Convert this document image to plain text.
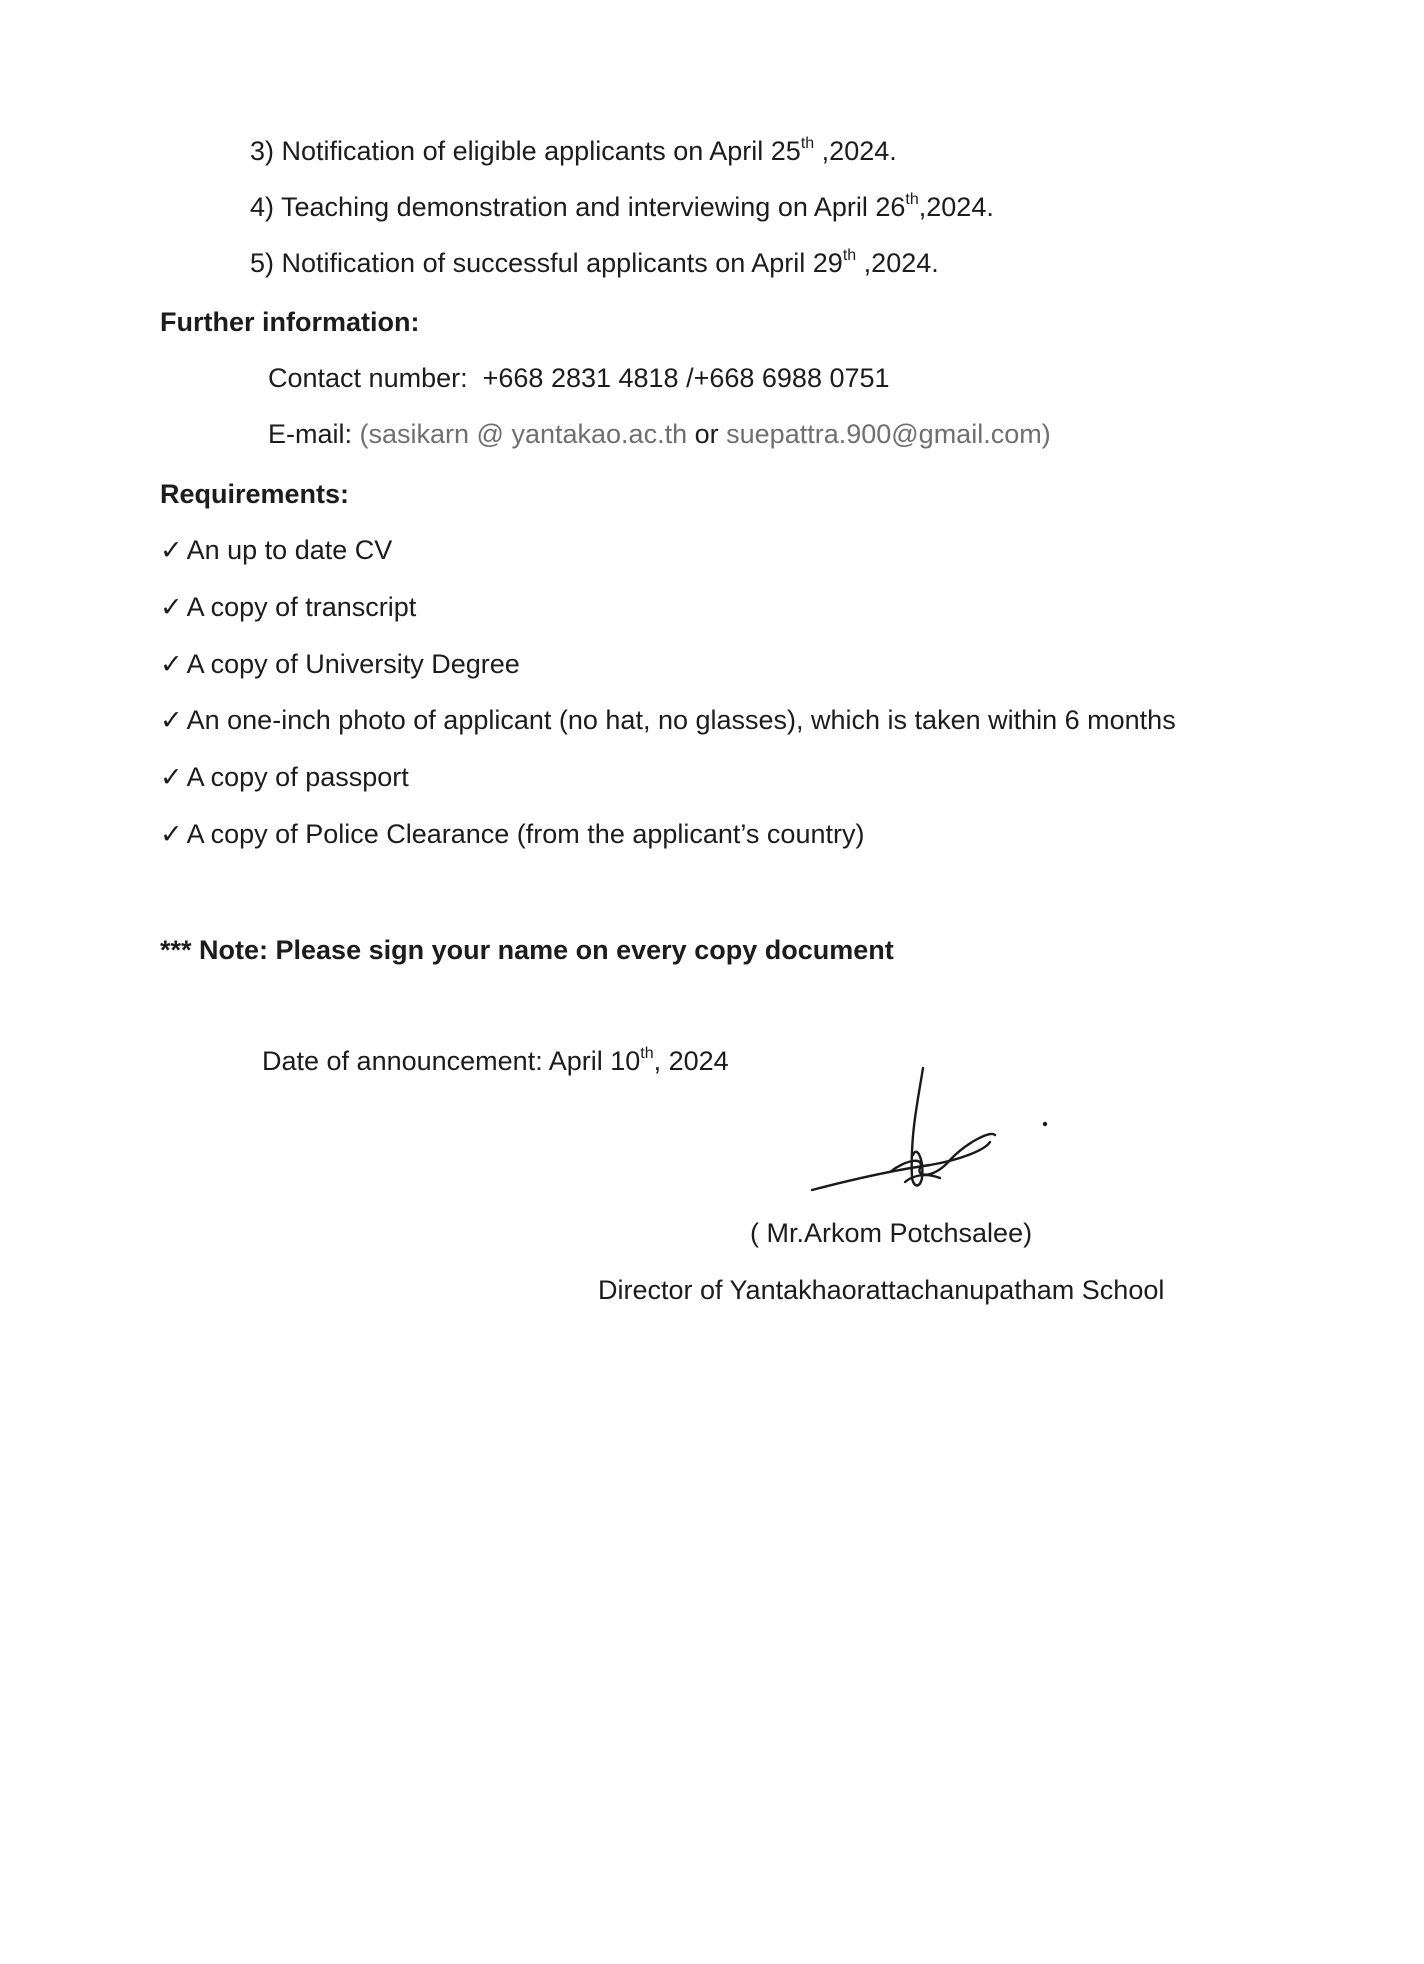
3) Notification of eligible applicants on April 25th ,2024.
4) Teaching demonstration and interviewing on April 26th,2024.
5) Notification of successful applicants on April 29th ,2024.
Further information:
Contact number: +668 2831 4818 /+668 6988 0751
E-mail: (sasikarn @ yantakao.ac.th or suepattra.900@gmail.com)
Requirements:
✓ An up to date CV
✓ A copy of transcript
✓ A copy of University Degree
✓ An one-inch photo of applicant (no hat, no glasses), which is taken within 6 months
✓ A copy of passport
✓ A copy of Police Clearance (from the applicant’s country)
*** Note: Please sign your name on every copy document
Date of announcement: April 10th, 2024
( Mr.Arkom Potchsalee)
Director of Yantakhaorattachanupatham School
